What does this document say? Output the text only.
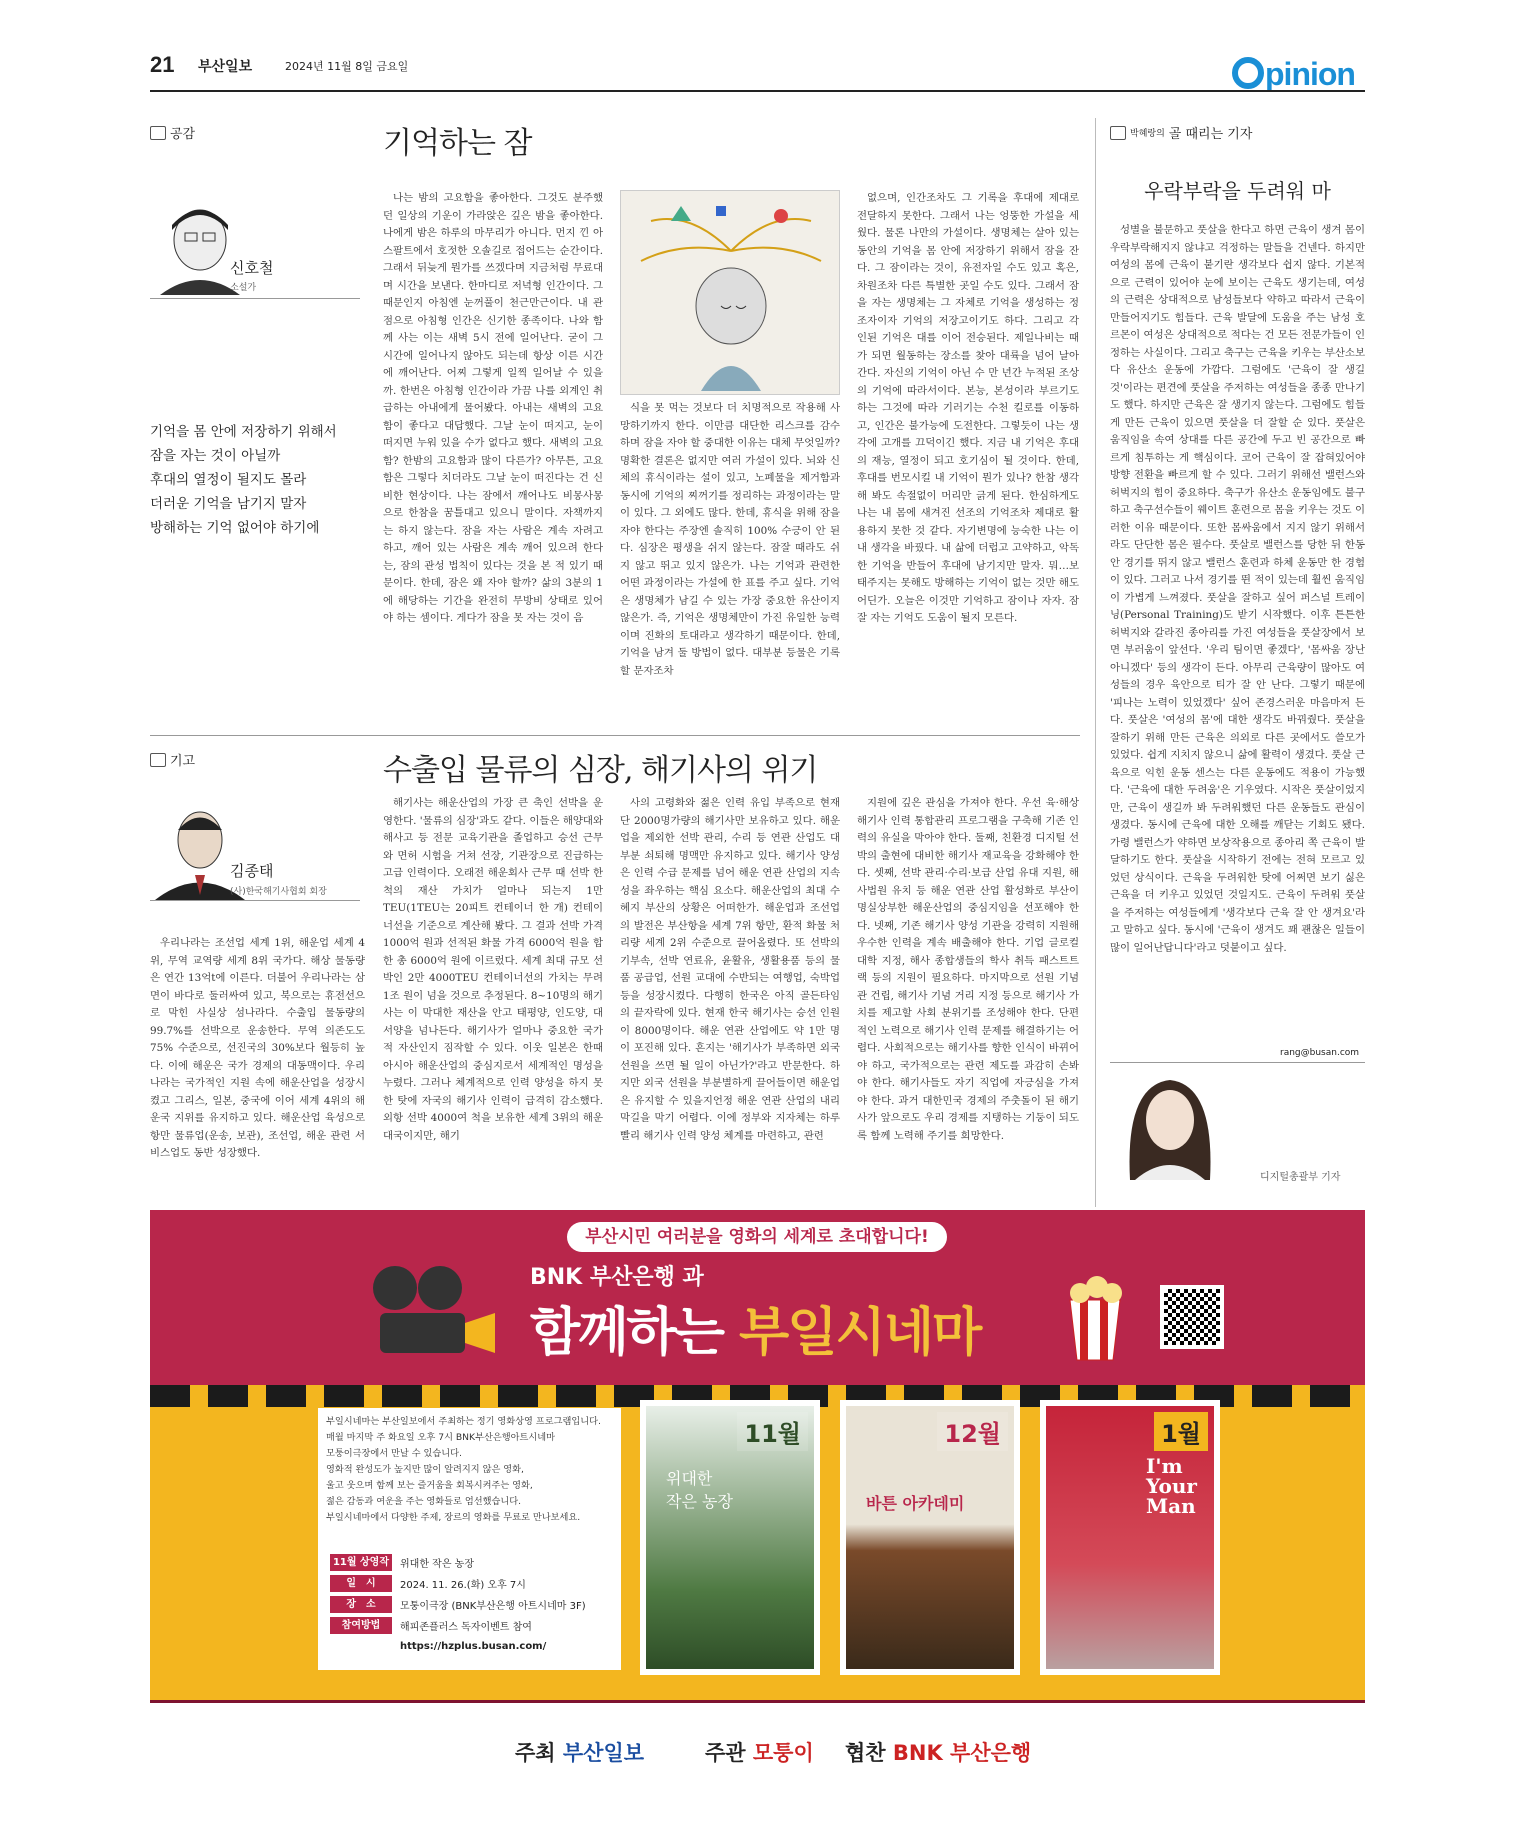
21 부산일보	2024년 11월 8일 금요일	pinion
공감	기억하는 잠
신호철
소설가
기억을 몸 안에 저장하기 위해서
잠을 자는 것이 아닐까
후대의 열정이 될지도 몰라
더러운 기억을 남기지 말자
방해하는 기억 없어야 하기에

나는 밤의 고요함을 좋아한다. 그것도 분주했던 일상의 기운이 가라앉은 깊은 밤을 좋아한다. 나에게 밤은 하루의 마무리가 아니다. 먼지 낀 아스팔트에서 호젓한 오솔길로 접어드는 순간이다. 그래서 뒤늦게 뭔가를 쓰겠다며 지금처럼 무료대며 시간을 보낸다. 한마디로 저녁형 인간이다. 그 때문인지 아침엔 눈꺼풀이 천근만근이다. 내 관점으로 아침형 인간은 신기한 종족이다. 나와 함께 사는 이는 새벽 5시 전에 일어난다. 굳이 그 시간에 일어나지 않아도 되는데 항상 이른 시간에 깨어난다. 어찌 그렇게 일찍 일어날 수 있을까. 한번은 아침형 인간이라 가끔 나를 외계인 취급하는 아내에게 물어봤다. 아내는 새벽의 고요함이 좋다고 대답했다. 그날 눈이 떠지고, 눈이 떠지면 누워 있을 수가 없다고 했다. 새벽의 고요함? 한밤의 고요함과 많이 다른가? 아무튼, 고요함은 그렇다 치더라도 그날 눈이 떠진다는 건 신비한 현상이다. 나는 잠에서 깨어나도 비몽사몽으로 한참을 꿈틀대고 있으니 말이다. 자책까지는 하지 않는다. 잠을 자는 사람은 계속 자려고 하고, 깨어 있는 사람은 계속 깨어 있으려 한다는, 잠의 관성 법칙이 있다는 것을 본 적 있기 때문이다. 한데, 잠은 왜 자야 할까? 삶의 3분의 1에 해당하는 기간을 완전히 무방비 상태로 있어야 하는 셈이다. 게다가 잠을 못 자는 것이 음

식을 못 먹는 것보다 더 치명적으로 작용해 사망하기까지 한다. 이만큼 대단한 리스크를 감수하며 잠을 자야 할 중대한 이유는 대체 무엇일까? 명확한 결론은 없지만 여러 가설이 있다. 뇌와 신체의 휴식이라는 설이 있고, 노폐물을 제거함과 동시에 기억의 찌꺼기를 정리하는 과정이라는 말이 있다. 그 외에도 많다. 한데, 휴식을 위해 잠을 자야 한다는 주장엔 솔직히 100% 수긍이 안 된다. 심장은 평생을 쉬지 않는다. 잠잘 때라도 쉬지 않고 뛰고 있지 않은가. 나는 기억과 관련한 어떤 과정이라는 가설에 한 표를 주고 싶다. 기억은 생명체가 남길 수 있는 가장 중요한 유산이지 않은가. 즉, 기억은 생명체만이 가진 유일한 능력이며 진화의 토대라고 생각하기 때문이다. 한데, 기억을 남겨 둘 방법이 없다. 대부분 등물은 기록할 문자조차

없으며, 인간조차도 그 기록을 후대에 제대로 전달하지 못한다. 그래서 나는 엉뚱한 가설을 세웠다. 물론 나만의 가설이다. 생명체는 살아 있는 동안의 기억을 몸 안에 저장하기 위해서 잠을 잔다. 그 잠이라는 것이, 유전자일 수도 있고 혹은, 차원조차 다른 특별한 곳일 수도 있다. 그래서 잠을 자는 생명체는 그 자체로 기억을 생성하는 정조자이자 기억의 저장고이기도 하다. 그리고 각 인된 기억은 대를 이어 전승된다. 제일나비는 때가 되면 월동하는 장소를 찾아 대륙을 넘어 날아간다. 자신의 기억이 아닌 수 만 년간 누적된 조상의 기억에 따라서이다. 본능, 본성이라 부르기도 하는 그것에 따라 기러기는 수천 킬로를 이동하고, 인간은 불가능에 도전한다. 그렇듯이 나는 생각에 고개를 끄덕이긴 했다. 지금 내 기억은 후대의 재능, 열정이 되고 호기심이 될 것이다. 한데, 후대를 번모시킬 내 기억이 뭔가 있나? 한참 생각해 봐도 속절없이 머리만 긁게 된다. 한심하게도 나는 내 몸에 새겨진 선조의 기억조차 제대로 활용하지 못한 것 같다. 자기변명에 능숙한 나는 이내 생각을 바꿨다. 내 삶에 더럽고 고약하고, 악독한 기억을 반들어 후대에 남기지만 말자. 뭐…보태주지는 못해도 방해하는 기억이 없는 것만 해도 어딘가. 오늘은 이것만 기억하고 잠이나 자자. 잠 잘 자는 기억도 도움이 될지 모른다.

기고	수출입 물류의 심장, 해기사의 위기
김종태
(사)한국해기사협회 회장

우리나라는 조선업 세계 1위, 해운업 세계 4위, 무역 교역량 세계 8위 국가다. 해상 물동량은 연간 13억t에 이른다. 더불어 우리나라는 삼면이 바다로 둘러싸여 있고, 북으로는 휴전선으로 막힌 사실상 섬나라다. 수출입 물동량의 99.7%를 선박으로 운송한다. 무역 의존도도 75% 수준으로, 선진국의 30%보다 월등히 높다. 이에 해운은 국가 경제의 대동맥이다. 우리나라는 국가적인 지원 속에 해운산업을 성장시켰고 그리스, 일본, 중국에 이어 세계 4위의 해운국 지위를 유지하고 있다. 해운산업 육성으로 항만 물류업(운송, 보관), 조선업, 해운 관련 서비스업도 동반 성장했다.

해기사는 해운산업의 가장 큰 축인 선박을 운영한다. '물류의 심장'과도 같다. 이들은 해양대와 해사고 등 전문 교육기관을 졸업하고 승선 근무와 면허 시험을 거쳐 선장, 기관장으로 진급하는 고급 인력이다. 오래전 해운회사 근무 때 선박 한 척의 재산 가치가 얼마나 되는지 1만TEU(1TEU는 20피트 컨테이너 한 개) 컨테이너선을 기준으로 계산해 봤다. 그 결과 선박 가격 1000억 원과 선적된 화물 가격 6000억 원을 합한 총 6000억 원에 이르렀다. 세계 최대 규모 선박인 2만 4000TEU 컨테이너선의 가치는 무려 1조 원이 넘을 것으로 추정된다. 8~10명의 해기사는 이 막대한 재산을 안고 태평양, 인도양, 대서양을 넘나든다. 해기사가 얼마나 중요한 국가적 자산인지 짐작할 수 있다. 이웃 일본은 한때 아시아 해운산업의 중심지로서 세계적인 명성을 누렸다. 그러나 체계적으로 인력 양성을 하지 못한 탓에 자국의 해기사 인력이 급격히 감소했다. 외항 선박 4000여 척을 보유한 세계 3위의 해운대국이지만, 해기

사의 고령화와 젊은 인력 유입 부족으로 현재 단 2000명가량의 해기사만 보유하고 있다. 해운업을 제외한 선박 관리, 수리 등 연관 산업도 대부분 쇠퇴해 명맥만 유지하고 있다. 해기사 양성은 인력 수급 문제를 넘어 해운 연관 산업의 지속성을 좌우하는 핵심 요소다. 해운산업의 최대 수혜지 부산의 상황은 어떠한가. 해운업과 조선업의 발전은 부산항을 세계 7위 항만, 환적 화물 처리량 세계 2위 수준으로 끌어올렸다. 또 선박의 기부속, 선박 연료유, 윤활유, 생활용품 등의 물품 공급업, 선원 교대에 수반되는 여행업, 숙박업 등을 성장시켰다. 다행히 한국은 아직 골든타임의 끝자락에 있다. 현재 한국 해기사는 승선 인원이 8000명이다. 해운 연관 산업에도 약 1만 명이 포진해 있다. 흔지는 '해기사가 부족하면 외국 선원을 쓰면 될 일이 아닌가?'라고 반문한다. 하지만 외국 선원을 부분별하게 끌어들이면 해운업은 유지할 수 있을지언정 해운 연관 산업의 내리막길을 막기 어렵다. 이에 정부와 지자체는 하루 빨리 해기사 인력 양성 체계를 마련하고, 관련

지원에 깊은 관심을 가져야 한다. 우선 육·해상 해기사 인력 통합관리 프로그램을 구축해 기존 인력의 유실을 막아야 한다. 둘째, 친환경 디지털 선박의 출현에 대비한 해기사 재교육을 강화해야 한다. 셋째, 선박 관리·수리·보급 산업 유대 지원, 해사법원 유치 등 해운 연관 산업 활성화로 부산이 명실상부한 해운산업의 중심지임을 선포해야 한다. 넷째, 기존 해기사 양성 기관을 강력히 지원해 우수한 인력을 계속 배출해야 한다. 기업 글로컬대학 지정, 해사 종합생들의 학사 취득 패스트트랙 등의 지원이 필요하다. 마지막으로 선원 기념관 건립, 해기사 기념 거리 지정 등으로 해기사 가치를 제고할 사회 분위기를 조성해야 한다. 단편적인 노력으로 해기사 인력 문제를 해결하기는 어렵다. 사회적으로는 해기사를 향한 인식이 바뀌어야 하고, 국가적으로는 관련 제도를 과감히 손봐야 한다. 해기사들도 자기 직업에 자긍심을 가져야 한다. 과거 대한민국 경제의 주춧돌이 된 해기사가 앞으로도 우리 경제를 지탱하는 기둥이 되도록 함께 노력해 주기를 희망한다.

박혜랑의 골 때리는 기자
우락부락을 두려워 마

성별을 불문하고 풋살을 한다고 하면 근육이 생겨 몸이 우락부락해지지 않냐고 걱정하는 말들을 건넨다. 하지만 여성의 몸에 근육이 붙기란 생각보다 쉽지 않다. 기본적으로 근력이 있어야 눈에 보이는 근육도 생기는데, 여성의 근력은 상대적으로 남성들보다 약하고 따라서 근육이 만들어지기도 힘들다. 근육 발달에 도움을 주는 남성 호르몬이 여성은 상대적으로 적다는 건 모든 전문가들이 인정하는 사실이다. 그리고 축구는 근육을 키우는 부산소보다 유산소 운동에 가깝다. 그럼에도 '근육이 잘 생길 것'이라는 편견에 풋살을 주저하는 여성들을 종종 만나기도 했다. 하지만 근육은 잘 생기지 않는다. 그럼에도 힘들게 만든 근육이 있으면 풋살을 더 잘할 순 있다. 풋살은 움직임을 속여 상대를 다른 공간에 두고 빈 공간으로 빠르게 침투하는 게 핵심이다. 코어 근육이 잘 잡혀있어야 방향 전환을 빠르게 할 수 있다. 그러기 위해선 밸런스와 허벅지의 힘이 중요하다. 축구가 유산소 운동임에도 불구하고 축구선수들이 웨이트 훈련으로 몸을 키우는 것도 이러한 이유 때문이다. 또한 몸싸움에서 지지 않기 위해서라도 단단한 몸은 필수다. 풋살로 밸런스를 당한 뒤 한동안 경기를 뛰지 않고 밸런스 훈련과 하체 운동만 한 경험이 있다. 그러고 나서 경기를 뛴 적이 있는데 훨씬 움직임이 가볍게 느껴졌다. 풋살을 잘하고 싶어 퍼스널 트레이닝(Personal Training)도 받기 시작했다. 이후 튼튼한 허벅지와 갈라진 종아리를 가진 여성들을 풋살장에서 보면 부러움이 앞선다. '우리 팀이면 좋겠다', '몸싸움 장난 아니겠다' 등의 생각이 든다. 아무리 근육량이 많아도 여성들의 경우 육안으로 티가 잘 안 난다. 그렇기 때문에 '피나는 노력이 있었겠다' 싶어 존경스러운 마음마저 든다. 풋살은 '여성의 몸'에 대한 생각도 바꿔줬다. 풋살을 잘하기 위해 만든 근육은 의외로 다른 곳에서도 쓸모가 있었다. 쉽게 지치지 않으니 삶에 활력이 생겼다. 풋살 근육으로 익힌 운동 센스는 다른 운동에도 적용이 가능했다. '근육에 대한 두려움'은 기우였다. 시작은 풋살이었지만, 근육이 생길까 봐 두려워했던 다른 운동들도 관심이 생겼다. 동시에 근육에 대한 오해를 깨닫는 기회도 됐다. 가령 밸런스가 약하면 보상작용으로 종아리 쪽 근육이 발달하기도 한다. 풋살을 시작하기 전에는 전혀 모르고 있었던 상식이다. 근육을 두려워한 탓에 어쩌면 보기 싫은 근육을 더 키우고 있었던 것일지도. 근육이 두려워 풋살을 주저하는 여성들에게 '생각보다 근육 잘 안 생겨요'라고 말하고 싶다. 동시에 '근육이 생겨도 꽤 괜찮은 일들이 많이 일어난답니다'라고 덧붙이고 싶다.

rang@busan.com
디지털총괄부 기자
부산시민 여러분을 영화의 세계로 초대합니다!
BNK 부산은행 과
함께하는 부일시네마
부일시네마는 부산일보에서 주최하는 정기 영화상영 프로그램입니다.
매월 마지막 주 화요일 오후 7시 BNK부산은행아트시네마
모퉁이극장에서 만날 수 있습니다.
영화적 완성도가 높지만 많이 알려지지 않은 영화,
울고 웃으며 함께 보는 즐거움을 회복시켜주는 영화,
젊은 감동과 여운을 주는 영화들로 엄선했습니다.
부일시네마에서 다양한 주제, 장르의 영화를 무료로 만나보세요.
11월 상영작 위대한 작은 농장
일　시	2024. 11. 26.(화) 오후 7시
장　소	모퉁이극장 (BNK부산은행 아트시네마 3F)
참여방법	해피존플러스 독자이벤트 참여
https://hzplus.busan.com/
11월
위대한
작은 농장
12월
바튼 아카데미
1월
I'm
Your
Man
주최 부산일보	주관 모퉁이 협찬 BNK 부산은행
